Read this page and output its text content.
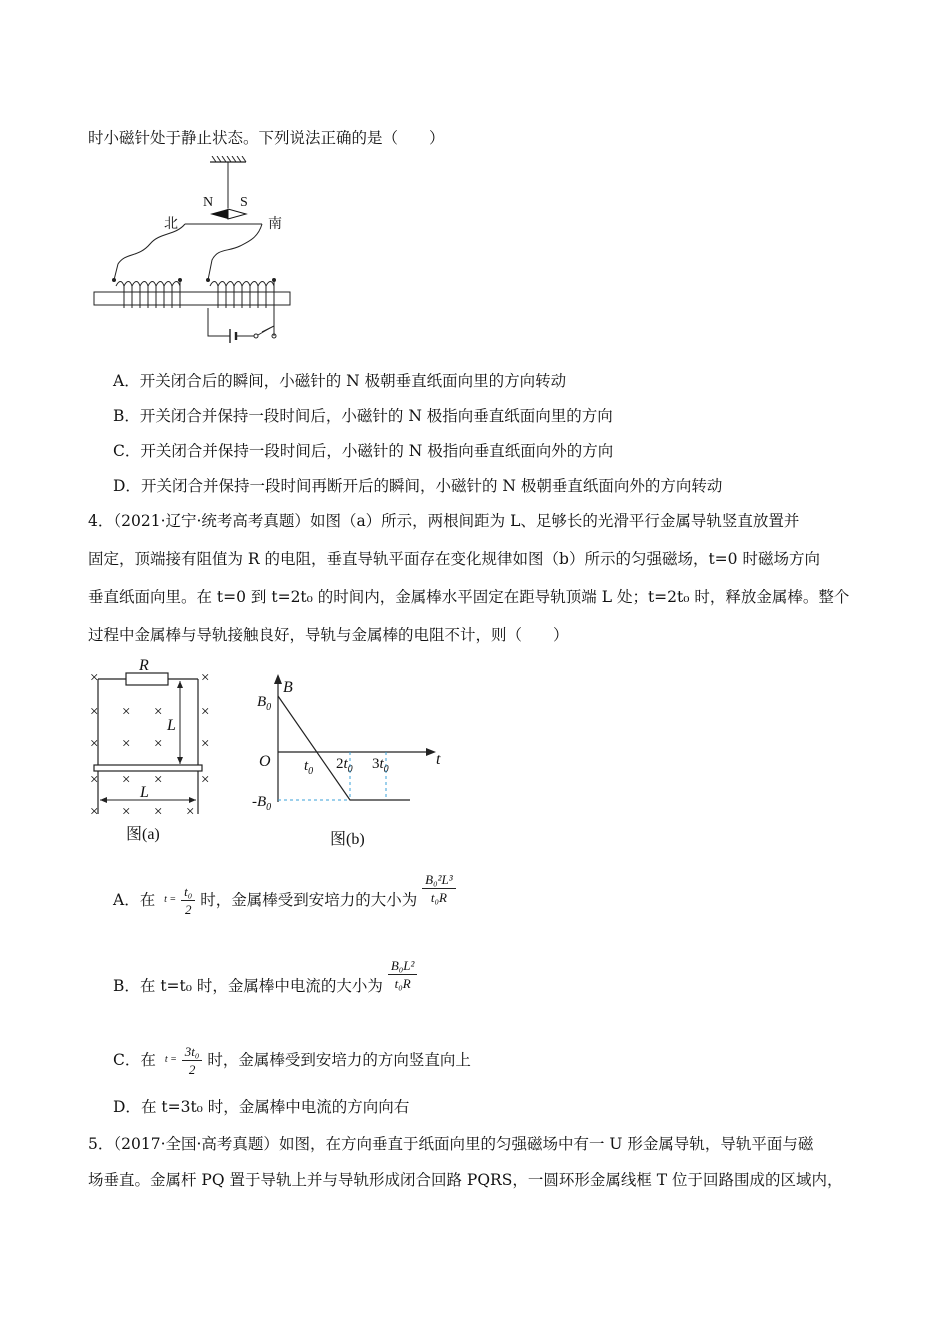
时小磁针处于静止状态。下列说法正确的是（　　）
N S
北	南
A．开关闭合后的瞬间，小磁针的 N 极朝垂直纸面向里的方向转动
B．开关闭合并保持一段时间后，小磁针的 N 极指向垂直纸面向里的方向
C．开关闭合并保持一段时间后，小磁针的 N 极指向垂直纸面向外的方向
D．开关闭合并保持一段时间再断开后的瞬间，小磁针的 N 极朝垂直纸面向外的方向转动
4．（2021·辽宁·统考高考真题）如图（a）所示，两根间距为 L、足够长的光滑平行金属导轨竖直放置并
固定，顶端接有阻值为 R 的电阻，垂直导轨平面存在变化规律如图（b）所示的匀强磁场，t=0 时磁场方向
垂直纸面向里。在 t=0 到 t=2t₀ 的时间内，金属棒水平固定在距导轨顶端 L 处；t=2t₀ 时，释放金属棒。整个
过程中金属棒与导轨接触良好，导轨与金属棒的电阻不计，则（　　）
R
L
L
×	×
× × ×	×
× × ×	×
× × ×	×
× × × ×
图(a)
B
t
O
$B_0$
$-B_0$
$t_0$ $2t_0$ $3t_0$
图(b)
A．在 $^{t =} \frac{\text{t₀}}{2}$ 时，金属棒受到安培力的大小为 $\frac{\text{B₀²L³}}{\text{t₀R}}$
B．在 t=t₀ 时，金属棒中电流的大小为 $\frac{\text{B₀L²}}{\text{t₀R}}$
C．在 $^{t =} \frac{\text{3t₀}}{2}$ 时，金属棒受到安培力的方向竖直向上
D．在 t=3t₀ 时，金属棒中电流的方向向右
5．（2017·全国·高考真题）如图，在方向垂直于纸面向里的匀强磁场中有一 U 形金属导轨，导轨平面与磁
场垂直。金属杆 PQ 置于导轨上并与导轨形成闭合回路 PQRS，一圆环形金属线框 T 位于回路围成的区域内，
